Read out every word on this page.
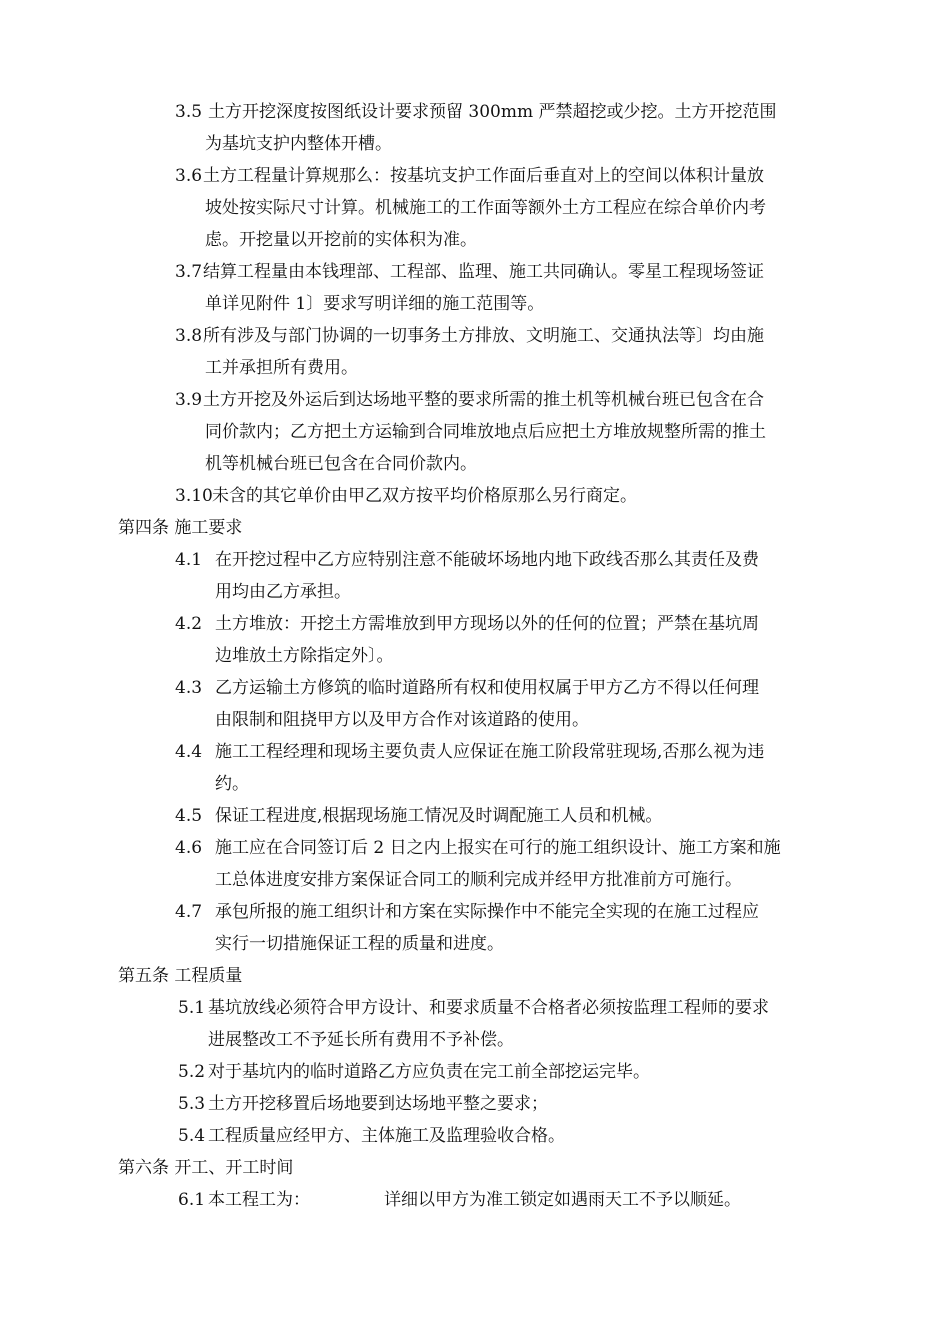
3.5 土方开挖深度按图纸设计要求预留 300mm 严禁超挖或少挖。土方开挖范围
为基坑支护内整体开槽。
3.6 土方工程量计算规那么：按基坑支护工作面后垂直对上的空间以体积计量放
坡处按实际尺寸计算。机械施工的工作面等额外土方工程应在综合单价内考
虑。开挖量以开挖前的实体积为准。
3.7 结算工程量由本钱理部、工程部、监理、施工共同确认。零星工程现场签证
单详见附件 1〕要求写明详细的施工范围等。
3.8 所有涉及与部门协调的一切事务土方排放、文明施工、交通执法等〕均由施
工并承担所有费用。
3.9 土方开挖及外运后到达场地平整的要求所需的推土机等机械台班已包含在合
同价款内；乙方把土方运输到合同堆放地点后应把土方堆放规整所需的推土
机等机械台班已包含在合同价款内。
3.10 未含的其它单价由甲乙双方按平均价格原那么另行商定。
第四条 施工要求
4.1 在开挖过程中乙方应特别注意不能破坏场地内地下政线否那么其责任及费
用均由乙方承担。
4.2 土方堆放：开挖土方需堆放到甲方现场以外的任何的位置；严禁在基坑周
边堆放土方除指定外〕。
4.3 乙方运输土方修筑的临时道路所有权和使用权属于甲方乙方不得以任何理
由限制和阻挠甲方以及甲方合作对该道路的使用。
4.4 施工工程经理和现场主要负责人应保证在施工阶段常驻现场,否那么视为违
约。
4.5 保证工程进度,根据现场施工情况及时调配施工人员和机械。
4.6 施工应在合同签订后 2 日之内上报实在可行的施工组织设计、施工方案和施
工总体进度安排方案保证合同工的顺利完成并经甲方批准前方可施行。
4.7 承包所报的施工组织计和方案在实际操作中不能完全实现的在施工过程应
实行一切措施保证工程的质量和进度。
第五条 工程质量
5.1 基坑放线必须符合甲方设计、和要求质量不合格者必须按监理工程师的要求
进展整改工不予延长所有费用不予补偿。
5.2 对于基坑内的临时道路乙方应负责在完工前全部挖运完毕。
5.3 土方开挖移置后场地要到达场地平整之要求；
5.4 工程质量应经甲方、主体施工及监理验收合格。
第六条 开工、开工时间
6.1 本工程工为：	详细以甲方为准工锁定如遇雨天工不予以顺延。
